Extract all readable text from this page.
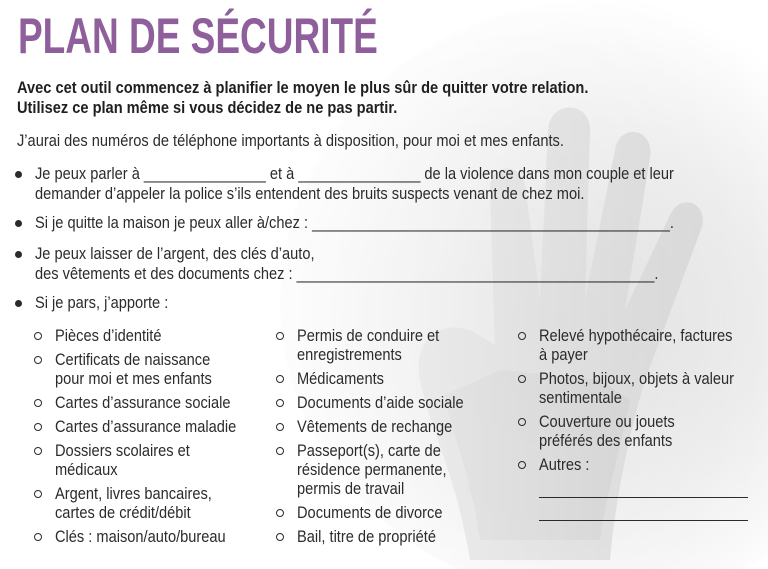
PLAN DE SÉCURITÉ
Avec cet outil commencez à planifier le moyen le plus sûr de quitter votre relation.
Utilisez ce plan même si vous décidez de ne pas partir.
J’aurai des numéros de téléphone importants à disposition, pour moi et mes enfants.
Je peux parler à _______________ et à _______________ de la violence dans mon couple et leur
demander d’appeler la police s’ils entendent des bruits suspects venant de chez moi.
Si je quitte la maison je peux aller à/chez : ____________________________________________.
Je peux laisser de l’argent, des clés d’auto,
des vêtements et des documents chez : ____________________________________________.
Si je pars, j’apporte :
Pièces d’identité
Certificats de naissance
pour moi et mes enfants
Cartes d’assurance sociale
Cartes d’assurance maladie
Dossiers scolaires et
médicaux
Argent, livres bancaires,
cartes de crédit/débit
Clés : maison/auto/bureau
Permis de conduire et
enregistrements
Médicaments
Documents d’aide sociale
Vêtements de rechange
Passeport(s), carte de
résidence permanente,
permis de travail
Documents de divorce
Bail, titre de propriété
Relevé hypothécaire, factures
à payer
Photos, bijoux, objets à valeur
sentimentale
Couverture ou jouets
préférés des enfants
Autres :
